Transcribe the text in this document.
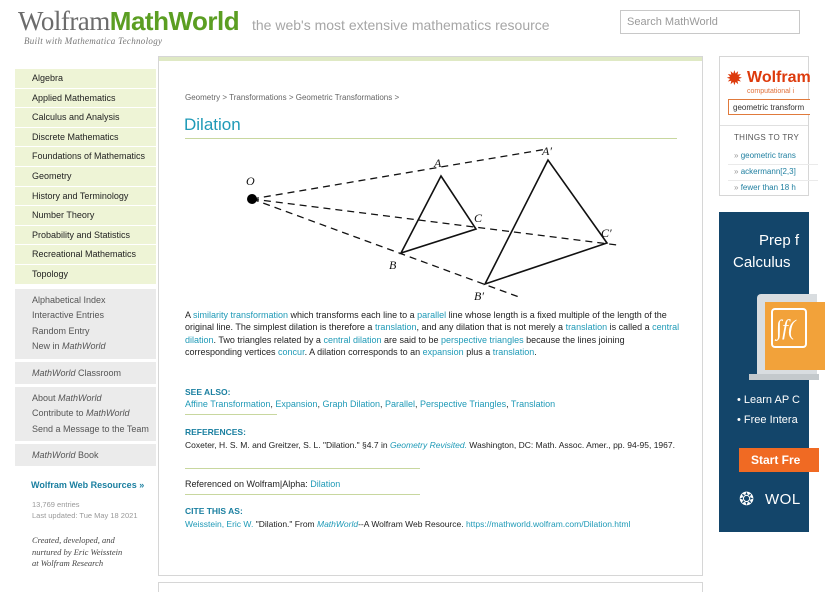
WolframMathWorld
Built with Mathematica Technology
the web's most extensive mathematics resource
Search MathWorld
Algebra
Applied Mathematics
Calculus and Analysis
Discrete Mathematics
Foundations of Mathematics
Geometry
History and Terminology
Number Theory
Probability and Statistics
Recreational Mathematics
Topology
Alphabetical Index
Interactive Entries
Random Entry
New in MathWorld
MathWorld Classroom
About MathWorld
Contribute to MathWorld
Send a Message to the Team
MathWorld Book
Wolfram Web Resources »
13,769 entries
Last updated: Tue May 18 2021
Created, developed, and
nurtured by Eric Weisstein
at Wolfram Research
Geometry > Transformations > Geometric Transformations >
Dilation
O
A
B
C
A′
B′
C′

A similarity transformation which transforms each line to a parallel line whose length is a fixed multiple of the length of the original line. The simplest dilation is therefore a translation, and any dilation that is not merely a translation is called a central dilation. Two triangles related by a central dilation are said to be perspective triangles because the lines joining corresponding vertices concur. A dilation corresponds to an expansion plus a translation.

SEE ALSO:
Affine Transformation, Expansion, Graph Dilation, Parallel, Perspective Triangles, Translation
REFERENCES:
Coxeter, H. S. M. and Greitzer, S. L. "Dilation." §4.7 in Geometry Revisited. Washington, DC: Math. Assoc. Amer., pp. 94-95, 1967.
Referenced on Wolfram|Alpha: Dilation
CITE THIS AS:
Weisstein, Eric W. "Dilation." From MathWorld--A Wolfram Web Resource. https://mathworld.wolfram.com/Dilation.html
✹ Wolfram
computational i
geometric transform
THINGS TO TRY
» geometric trans
» ackermann[2,3]
» fewer than 18 h
Prep f
Calculus
∫f(
• Learn AP C
• Free Intera
Start Fre
❂ WOL
